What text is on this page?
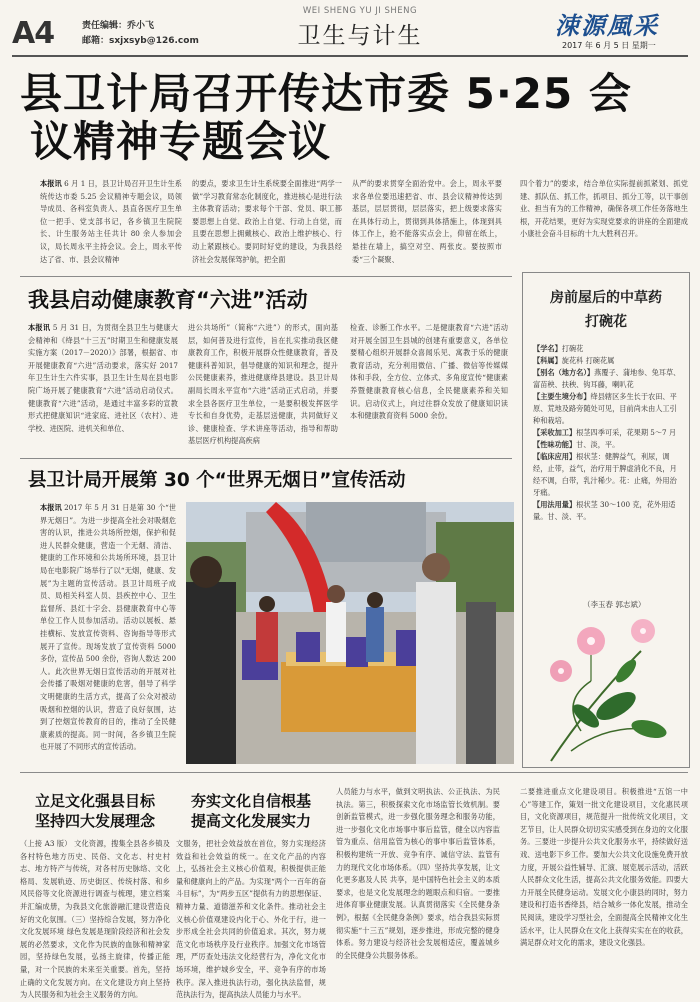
A4	责任编辑：乔小飞
邮箱：sxjxsyb@126.com
WEI SHENG YU JI SHENG
卫生与计生	涑源風采
2017 年 6 月 5 日 星期一
县卫计局召开传达市委 5·25 会
议精神专题会议

本报讯 6 月 1 日，县卫计局召开卫生计生系统传达市委 5.25 会议精神专题会议，局领导成员、各科室负责人、县直各医疗卫生单位一把手、党支部书记，各乡镇卫生院院长、计生服务站主任共计 80 余人参加会议，局长周永平主持会议。会上，周永平传达了省、市、县会议精神

的要点，要求卫生计生系统要全面推进“两学一做”学习教育常态化制度化，推进核心是进行法主体教育活动；要求每个干部、党员、职工都要思想上自觉、政治上自觉、行动上自觉，而且要在思想上拥戴核心、政治上维护核心、行动上紧跟核心。要同时好党的建设，为我县经济社会发展保驾护航，把全面

从严的要求贯穿全面治党中。会上，周永平要求各单位要迅速把省、市、县会议精神传达到基层，层层贯彻，层层落实，把上级要求落实在具体行动上，贯彻到具体措施上，体现到具体工作上，抢不能落实点会上，仰留在纸上，悬挂在墙上，搞空对空、两张皮。要按照市委“三个凝聚、

四个着力”的要求，结合单位实际提前抓紧划、抓党建、抓队伍、抓工作，抓项目、抓分工等，以干事创业、担当有为的工作精神，确保各项工作任务落地生根，开花结果，更好为实现党要求的讲座的全面建成小康社会奋斗目标的十九大胜利召开。

我县启动健康教育“六进”活动

本报讯 5 月 31 日，为贯彻全县卫生与健康大会精神和《绛县“十三五”时期卫生和健康发展实施方案（2017－2020）》部署，根据省、市开展健康教育“六进”活动要求，落实好 2017 年卫生计生六件实事，县卫生计生局在县电影院广场开展了健康教育“六进”活动启动仪式。健康教育“六进”活动，是通过丰富多彩的宣教形式把健康知识“进家庭、进社区（农村）、进学校、进医院、进机关和单位、

进公共场所”（简称“六进”）的形式，面向基层，如何普及进行宣传，旨在扎实推动我区健康教育工作，积极开展群众性健康教育，普及健康科普知识，倡导健康的知识和理念，提升公民健康素养，推进健康绛县建设。县卫计局副局长周永平宣布“六进”活动正式启动，并要求全县各医疗卫生单位，一是要积极发挥医学专长和自身优势，走基层送健康，共同做好义诊、健康检查、学术讲座等活动，指导和帮助基层医疗机构提高疾病

检查、诊断工作水平。二是健康教育“六进”活动对开展全国卫生县城的创建有重要意义，各单位要精心组织开展群众喜闻乐见、寓教于乐的健康教育活动，充分利用微信、广播、微信等传媒媒体和手段，全方位、立体式、多角度宣传“健康素养暨健康教育核心信息，全民健康素养和关知识。启动仪式上，向过往群众发放了健康知识读本和健康教育资料 5000 余份。

县卫计局开展第 30 个“世界无烟日”宣传活动

本报讯 2017 年 5 月 31 日是第 30 个“世界无烟日”。为进一步提高全社会对吸烟危害的认识，推进公共场所控烟，保护和促进人民群众健康，营造一个无烟、清洁、健康的工作环境和公共场所环境，县卫计局在电影院广场举行了以“无烟，健康、发展”为主题的宣传活动。县卫计局班子成员、局相关科室人员、县疾控中心、卫生监督所、县红十字会、县健康教育中心等单位工作人员参加活动。活动以展板、悬挂横标、发放宣传资料、咨询指导等形式展开了宣传。现场发放了宣传资料 5000 多份，宣传品 500 余份，咨询人数达 200 人。此次世界无烟日宣传活动的开展对社会传播了吸烟对健康的危害，倡导了科学文明健康的生活方式，提高了公众对被动吸烟和控烟的认识，营造了良好氛围，达到了控烟宣传教育的目的，推动了全民健康素质的提高。同一时间，各乡镇卫生院也开展了不同形式的宣传活动。

房前屋后的中草药
打碗花
【学名】打碗花
【科属】旋花科 打碗花属
【别名（地方名）】燕覆子、蒲地参、兔耳草、富苗秧、扶秧、钩耳藤，喇叭花
【主要生境分布】绛县辖区多生长于农田、平原、荒地及路旁随处可见，目前尚未由人工引种和栽培。
【采收加工】根茎四季可采，花果期 5～7 月
【性味功能】甘、淡，平。
【临床应用】根状茎：健脾益气，利尿，调经，止带，益气，治疗用于脾虚消化不良，月经不调，白带，乳汁稀少。花：止痛，外用治牙痛。
【用法用量】根状茎 30～100 克，花外用适量。甘、淡、平。
（李玉春 郭志斌）
立足文化强县目标
坚持四大发展理念

（上接 A3 版） 文化资源，搜集全县各乡镇及各村特色地方历史、民俗、文化志、村史村志、地方特产与传统，对各村历史脉络、文化格局、发展轨迹、历史街区、传统村落、和乡风民俗等文化资源进行调查与梳理，建立档案并汇编成册，为我县文化旅游融汇建设营造良好的文化氛围。（三）坚持综合发展，努力净化文化发展环境 绿色发展是现阶段经济和社会发展的必然要求，文化作为民族的血脉和精神家园，坚持绿色发展，弘扬主旋律，传播正能量，对一个民族的未来至关重要。首先，坚持止确的文化发展方向。在文化建设方向上坚持为人民服务和为社会主义服务的方向。

夯实文化自信根基
提高文化发展实力

文服务，把社会效益放在首位，努力实现经济效益和社会效益的统一。在文化产品的内容上，弘扬社会主义核心价值观，积极提供正能量和健康向上的产品。为实现“两个一百年的奋斗目标”，为“两步五区”提供有力的思想保证、精神力量、道德滋养和文化条件。推动社会主义核心价值观建设内化于心、外化于行，进一步形成全社会共同的价值追求。其次，努力规范文化市场秩序及行业秩序。加强文化市场管理，严厉查处违法文化经营行为，净化文化市场环境，维护城乡安全，平、竞争有序的市场秩序。深入推进执法行动，强化执法监督，规范执法行为，提高执法人员能力与水平。

人员能力与水平，做到文明执法、公正执法、为民执法。第三，积极探索文化市场监管长效机制。要创新监管模式，进一步强化服务理念和服务功能，进一步强化文化市场事中事后监管，健全以内容监管为重点、信用监管为核心的事中事后监管体系，积极构建统一开放、竞争有序、诚信守法、监管有力的现代文化市场体系。（四）坚持共享发展，让文化更多惠及人民 共享，是中国特色社会主义的本质要求，也是文化发展理念的题眼点和归宿。一要推进体育事业健康发展。认真贯彻落实《全民健身条例》，根据《全民健身条例》要求，结合我县实际贯彻实施“十三五”规划，逐步推进，形成完整的健身体系。努力建设与经济社会发展相适应，覆盖城乡的全民健身公共服务体系。

二要推进重点文化建设项目。积极推进“五馆一中心”等建工作，策划一批文化建设项目，文化惠民项目，文化资源项目，规范提升一批传统文化项目，文艺节目，让人民群众切切实实感受到在身边的文化服务。三要进一步提升公共文化服务水平，持续做好送戏、送电影下乡工作。要加大公共文化设施免费开放力度，开展公益性辅导、汇演、展览展示活动，活跃人民群众文化生活，提高公共文化服务效能。四要大力开展全民健身运动。发展文化小康县的同时，努力建设和打造书香绛县，结合城乡一体化发展，推动全民阅读，建设学习型社会，全面提高全民精神文化生活水平，让人民群众在文化上获得实实在在的收获，满足群众对文化的需求，建设文化强县。
